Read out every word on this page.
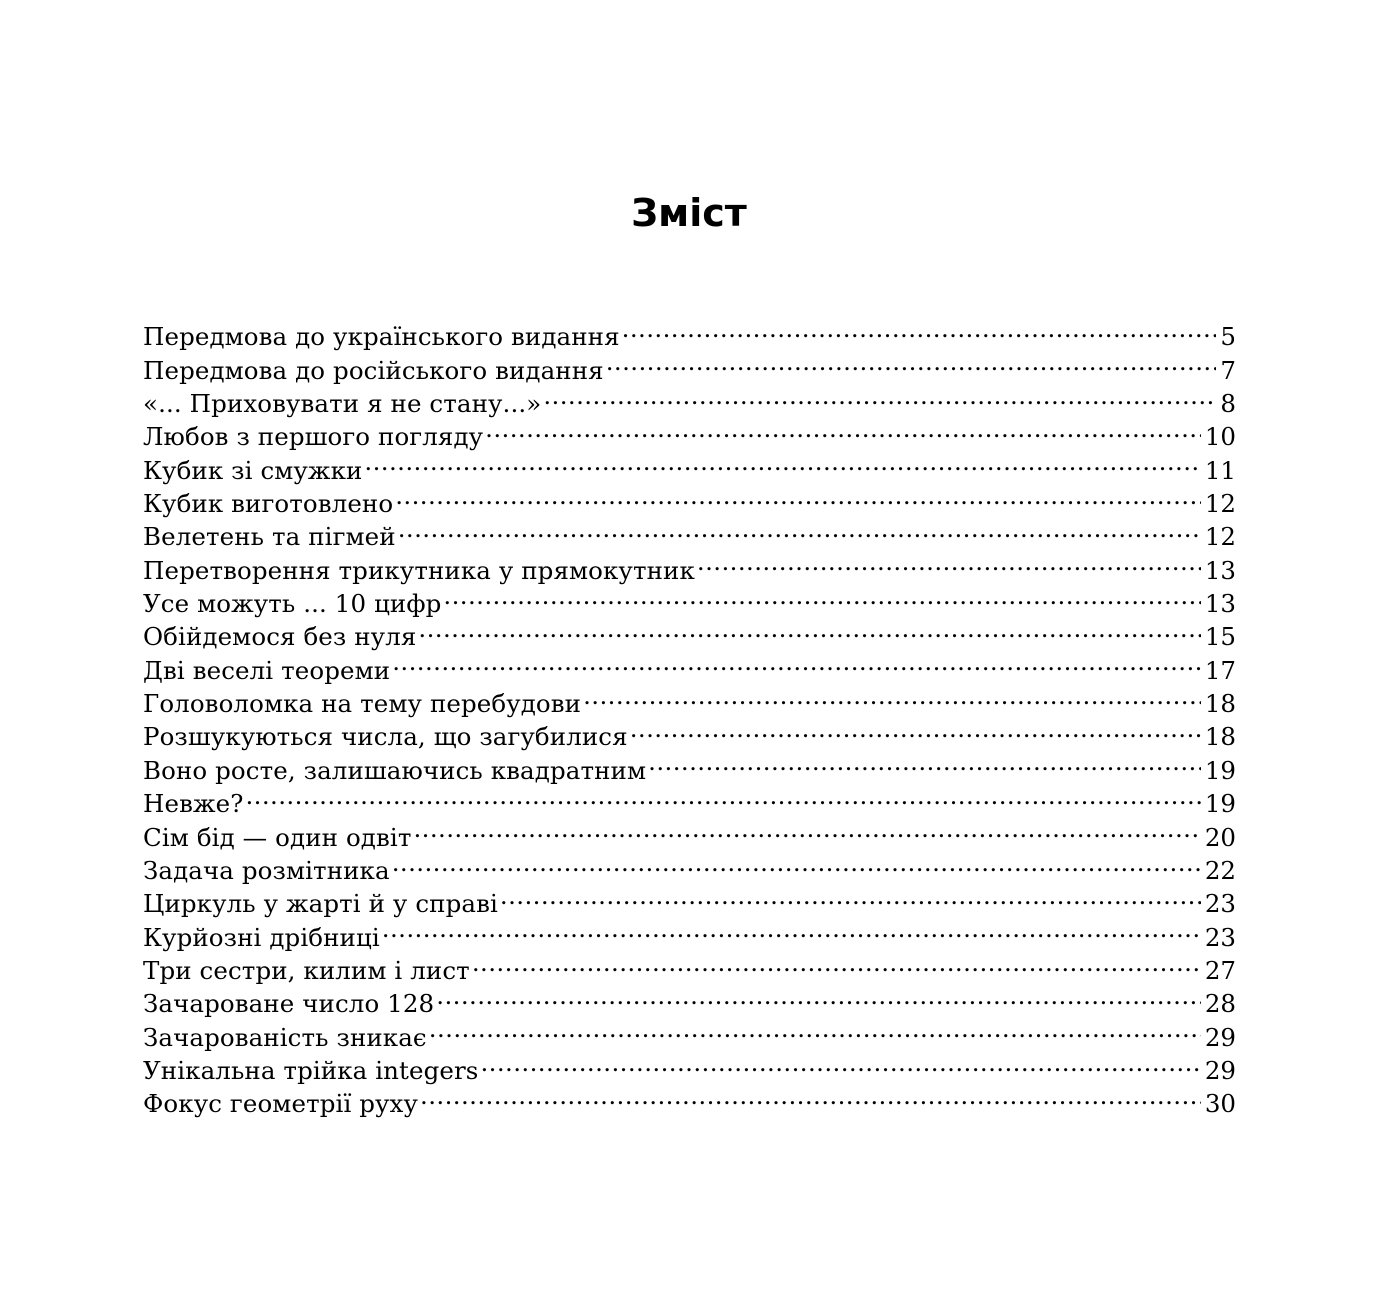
Зміст
Передмова до українського видання .....	5
Передмова до російського видання .....	7
«... Приховувати я не стану...» .....	8
Любов з першого погляду .....	10
Кубик зі смужки .....	11
Кубик виготовлено .....	12
Велетень та пігмей .....	12
Перетворення трикутника у прямокутник .....	13
Усе можуть ... 10 цифр .....	13
Обійдемося без нуля .....	15
Дві веселі теореми .....	17
Головоломка на тему перебудови .....	18
Розшукуються числа, що загубилися .....	18
Воно росте, залишаючись квадратним .....	19
Невже? .....	19
Сім бід — один одвіт .....	20
Задача розмітника .....	22
Циркуль у жарті й у справі .....	23
Курйозні дрібниці .....	23
Три сестри, килим і лист .....	27
Зачароване число 128 .....	28
Зачарованість зникає .....	29
Унікальна трійка integers .....	29
Фокус геометрії руху .....	30
